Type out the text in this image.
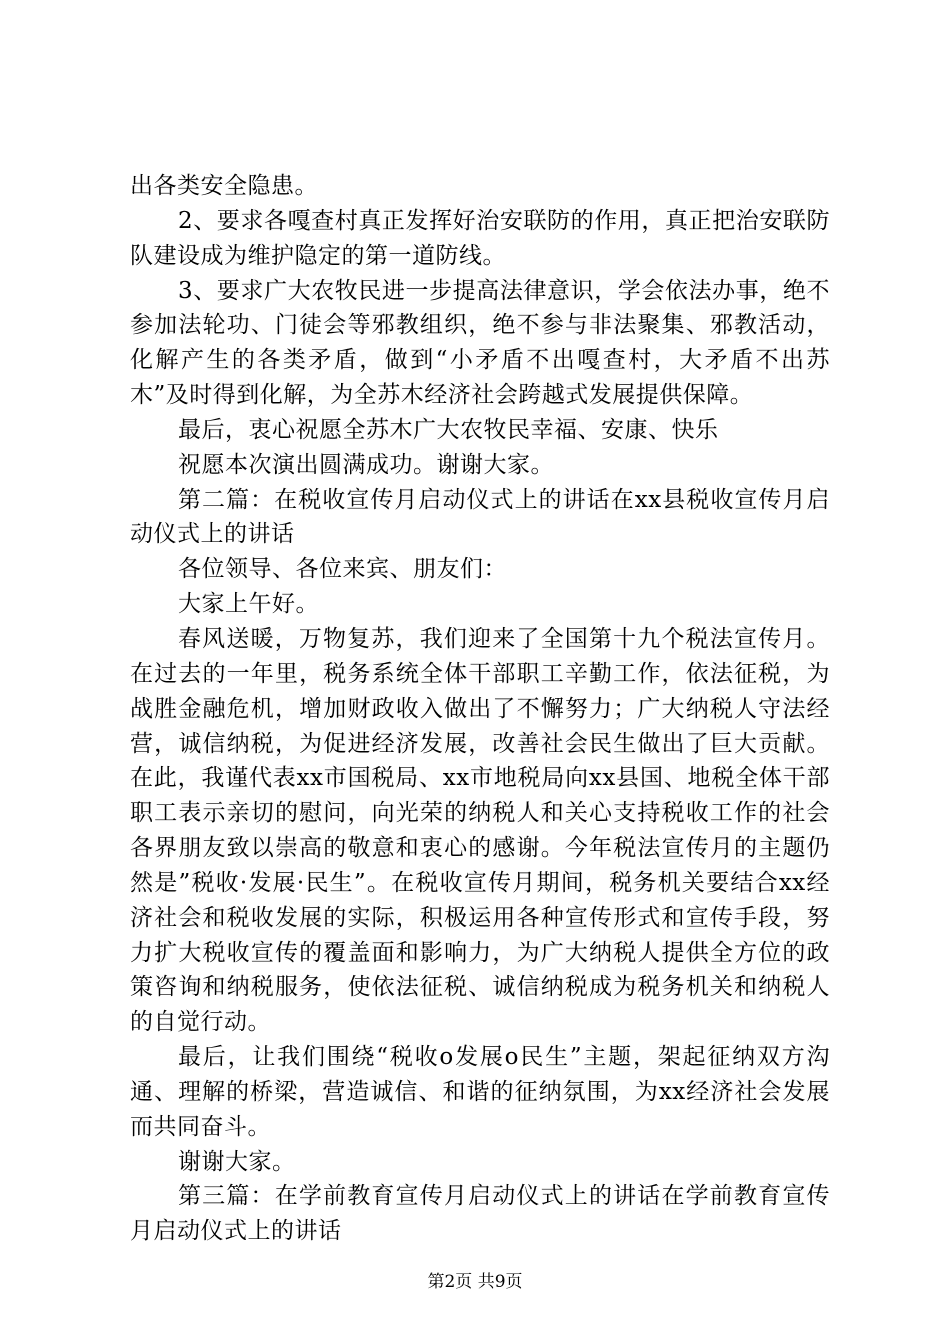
出各类安全隐患。

2、要求各嘎查村真正发挥好治安联防的作用，真正把治安联防队建设成为维护隐定的第一道防线。

3、要求广大农牧民进一步提高法律意识，学会依法办事，绝不参加法轮功、门徒会等邪教组织，绝不参与非法聚集、邪教活动，化解产生的各类矛盾，做到“小矛盾不出嘎查村，大矛盾不出苏木”及时得到化解，为全苏木经济社会跨越式发展提供保障。

最后，衷心祝愿全苏木广大农牧民幸福、安康、快乐

祝愿本次演出圆满成功。谢谢大家。

第二篇：在税收宣传月启动仪式上的讲话在xx县税收宣传月启动仪式上的讲话

各位领导、各位来宾、朋友们：

大家上午好。

春风送暖，万物复苏，我们迎来了全国第十九个税法宣传月。在过去的一年里，税务系统全体干部职工辛勤工作，依法征税，为战胜金融危机，增加财政收入做出了不懈努力；广大纳税人守法经营，诚信纳税，为促进经济发展，改善社会民生做出了巨大贡献。在此，我谨代表xx市国税局、xx市地税局向xx县国、地税全体干部职工表示亲切的慰问，向光荣的纳税人和关心支持税收工作的社会各界朋友致以崇高的敬意和衷心的感谢。今年税法宣传月的主题仍然是”税收·发展·民生”。在税收宣传月期间，税务机关要结合xx经济社会和税收发展的实际，积极运用各种宣传形式和宣传手段，努力扩大税收宣传的覆盖面和影响力，为广大纳税人提供全方位的政策咨询和纳税服务，使依法征税、诚信纳税成为税务机关和纳税人的自觉行动。

最后，让我们围绕“税收o发展o民生”主题，架起征纳双方沟通、理解的桥梁，营造诚信、和谐的征纳氛围，为xx经济社会发展而共同奋斗。

谢谢大家。

第三篇：在学前教育宣传月启动仪式上的讲话在学前教育宣传月启动仪式上的讲话

第2页 共9页
